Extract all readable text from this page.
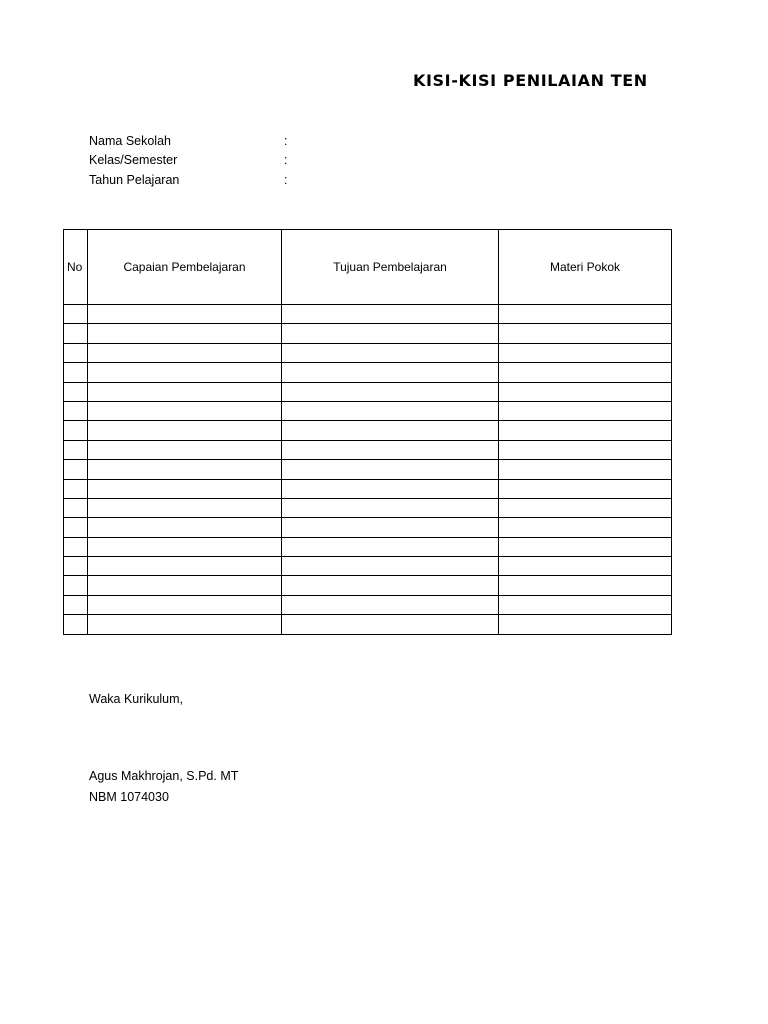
KISI-KISI PENILAIAN TEN
Nama Sekolah	:
Kelas/Semester	:
Tahun Pelajaran	:
No	Capaian Pembelajaran	Tujuan Pembelajaran	Materi Pokok

Waka Kurikulum,
Agus Makhrojan, S.Pd. MT
NBM 1074030
